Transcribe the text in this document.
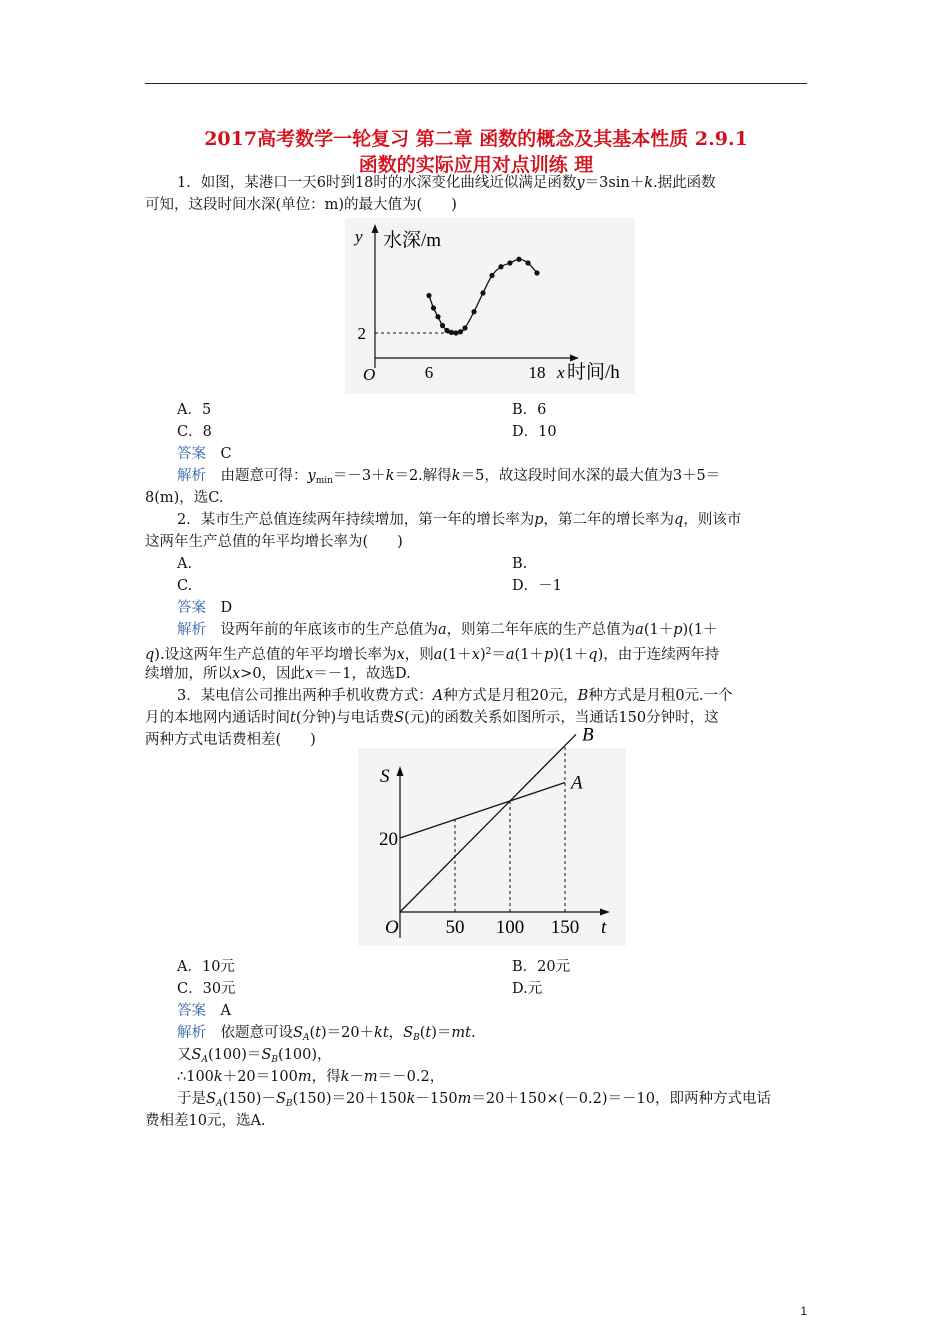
2017高考数学一轮复习 第二章 函数的概念及其基本性质 2.9.1
函数的实际应用对点训练 理
1．如图，某港口一天6时到18时的水深变化曲线近似满足函数y＝3sin＋k.据此函数
可知，这段时间水深(单位：m)的最大值为(　　)
y 水深/m
O	x 时间/h
6	18
2
A．5	B．6
C．8	D．10
答案　 C
解析　 由题意可得：$y_{min}=-3+k=2$.解得k＝5，故这段时间水深的最大值为3＋5＝
8(m)，选C.
2．某市生产总值连续两年持续增加，第一年的增长率为p，第二年的增长率为q，则该市
这两年生产总值的年平均增长率为(　　)
A.	B.
C.	D．－1
答案　 D
解析　 设两年前的年底该市的生产总值为a，则第二年年底的生产总值为a(1＋p)(1＋
q).设这两年生产总值的年平均增长率为x，则$a(1+x)^2=a(1+p)(1+q)$，由于连续两年持
续增加，所以x>0，因此x＝－1，故选D.
3．某电信公司推出两种手机收费方式：A种方式是月租20元，B种方式是月租0元.一个
月的本地网内通话时间t(分钟)与电话费S(元)的函数关系如图所示，当通话150分钟时，这
两种方式电话费相差(　　)
S
t
O 50 100 150
20
A
B
A．10元	B．20元
C．30元	D.元
答案　 A
解析　 依题意可设$S_A(t)=20+kt$，$S_B(t)=mt$.
又$S_A(100)=S_B(100)$，
∴100k＋20＝100m，得k－m＝－0.2，
于是$S_A(150)-S_B(150)=20+150k-150m=20+150\times(-0.2)=-10$，即两种方式电话
费相差10元，选A.
1
